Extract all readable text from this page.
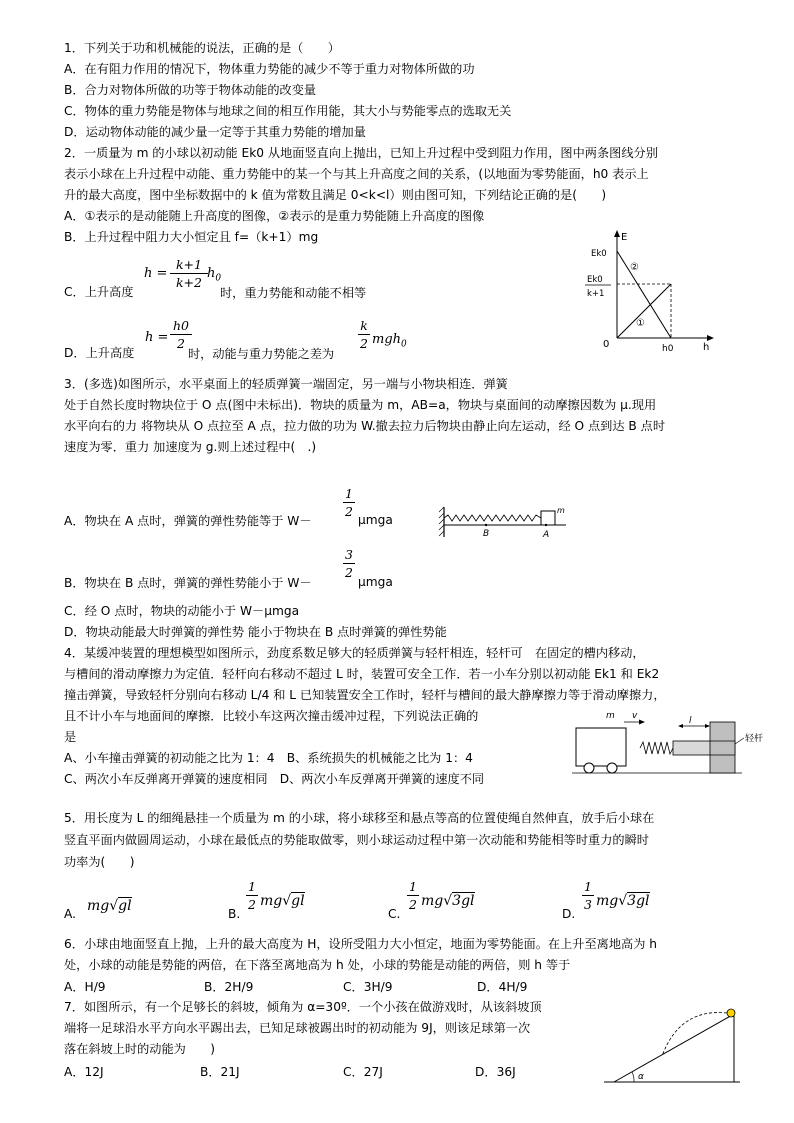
1．下列关于功和机械能的说法，正确的是（　　）
A．在有阻力作用的情况下，物体重力势能的减少不等于重力对物体所做的功
B．合力对物体所做的功等于物体动能的改变量
C．物体的重力势能是物体与地球之间的相互作用能，其大小与势能零点的选取无关
D．运动物体动能的减少量一定等于其重力势能的增加量
2．一质量为 m 的小球以初动能 Ek0 从地面竖直向上抛出，已知上升过程中受到阻力作用，图中两条图线分别
表示小球在上升过程中动能、重力势能中的某一个与其上升高度之间的关系，(以地面为零势能面，h0 表示上
升的最大高度，图中坐标数据中的 k 值为常数且满足 0<k<l）则由图可知，下列结论正确的是(　　)
A．①表示的是动能随上升高度的图像，②表示的是重力势能随上升高度的图像
B．上升过程中阻力大小恒定且 f=（k+1）mg
C．上升高度
h =
k+1
k+2
$h_0$
时，重力势能和动能不相等
D．上升高度
h =
h0
2
时，动能与重力势能之差为
k
2 mgh$_0$
E
Ek0
Ek0
k+1
0	h
h0
②
①
3．(多选)如图所示，水平桌面上的轻质弹簧一端固定，另一端与小物块相连．弹簧
处于自然长度时物块位于 O 点(图中未标出)．物块的质量为 m，AB=a，物块与桌面间的动摩擦因数为 μ.现用
水平向右的力 将物块从 O 点拉至 A 点，拉力做的功为 W.撤去拉力后物块由静止向左运动，经 O 点到达 B 点时
速度为零．重力 加速度为 g.则上述过程中(　.)
A．物块在 A 点时，弹簧的弹性势能等于 W－
1
2
μmga
B．物块在 B 点时，弹簧的弹性势能小于 W－
3
2
μmga
C．经 O 点时，物块的动能小于 W－μmga
D．物块动能最大时弹簧的弹性势 能小于物块在 B 点时弹簧的弹性势能
m
B	A
4．某缓冲装置的理想模型如图所示，劲度系数足够大的轻质弹簧与轻杆相连，轻杆可　在固定的槽内移动，
与槽间的滑动摩擦力为定值．轻杆向右移动不超过 L 时，装置可安全工作．若一小车分别以初动能 Ek1 和 Ek2
撞击弹簧，导致轻杆分别向右移动 L/4 和 L 已知装置安全工作时，轻杆与槽间的最大静摩擦力等于滑动摩擦力，
且不计小车与地面间的摩擦．比较小车这两次撞击缓冲过程，下列说法正确的
是
A、小车撞击弹簧的初动能之比为 1：4　B、系统损失的机械能之比为 1：4
C、两次小车反弹离开弹簧的速度相同　D、两次小车反弹离开弹簧的速度不同
m v	l
轻杆
5．用长度为 L 的细绳悬挂一个质量为 m 的小球，将小球移至和悬点等高的位置使绳自然伸直，放手后小球在
竖直平面内做圆周运动，小球在最低点的势能取做零，则小球运动过程中第一次动能和势能相等时重力的瞬时
功率为(　　)
A. mg√gl	B.
1
2 mg√gl
C.
1
2 mg√3gl
D.
1
3 mg√3gl
6．小球由地面竖直上抛，上升的最大高度为 H，设所受阻力大小恒定，地面为零势能面。在上升至离地高为 h
处，小球的动能是势能的两倍，在下落至离地高为 h 处，小球的势能是动能的两倍，则 h 等于
A．H/9	B．2H/9	C．3H/9	D．4H/9
7．如图所示，有一个足够长的斜坡，倾角为 α=30º．一个小孩在做游戏时，从该斜坡顶
端将一足球沿水平方向水平踢出去，已知足球被踢出时的初动能为 9J，则该足球第一次
落在斜坡上时的动能为　　)
A．12J	B．21J	C．27J	D．36J	α
